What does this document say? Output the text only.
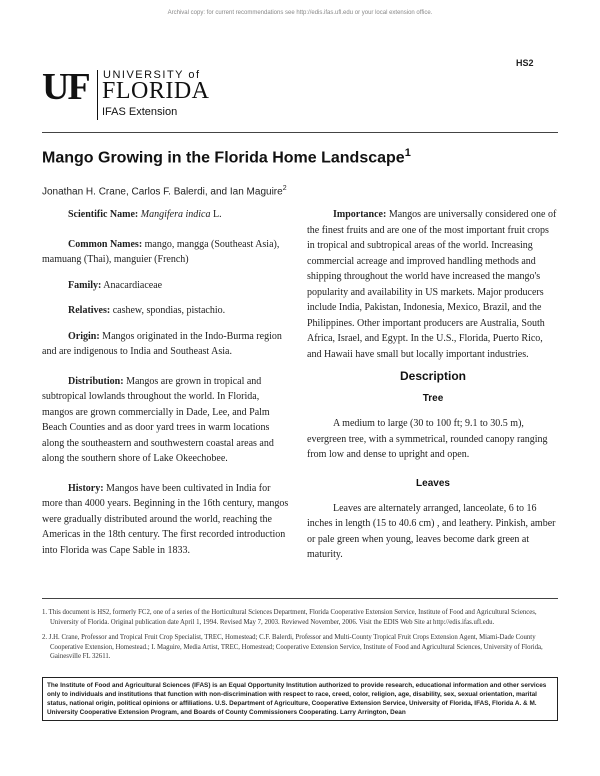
Archival copy: for current recommendations see http://edis.ifas.ufl.edu or your local extension office.
HS2
UF UNIVERSITY of
FLORIDA
IFAS Extension
Mango Growing in the Florida Home Landscape$^1$
Jonathan H. Crane, Carlos F. Balerdi, and Ian Maguire$^2$

Scientific Name: Mangifera indica L.

Common Names: mango, mangga (Southeast Asia), mamuang (Thai), manguier (French)

Family: Anacardiaceae

Relatives: cashew, spondias, pistachio.

Origin: Mangos originated in the Indo-Burma region and are indigenous to India and Southeast Asia.

Distribution: Mangos are grown in tropical and subtropical lowlands throughout the world. In Florida, mangos are grown commercially in Dade, Lee, and Palm Beach Counties and as door yard trees in warm locations along the southeastern and southwestern coastal areas and along the southern shore of Lake Okeechobee.

History: Mangos have been cultivated in India for more than 4000 years. Beginning in the 16th century, mangos were gradually distributed around the world, reaching the Americas in the 18th century. The first recorded introduction into Florida was Cape Sable in 1833.

Importance: Mangos are universally considered one of the finest fruits and are one of the most important fruit crops in tropical and subtropical areas of the world. Increasing commercial acreage and improved handling methods and shipping throughout the world have increased the mango's popularity and availability in US markets. Major producers include India, Pakistan, Indonesia, Mexico, Brazil, and the Philippines. Other important producers are Australia, South Africa, Israel, and Egypt. In the U.S., Florida, Puerto Rico, and Hawaii have small but locally important industries.

Description
Tree

A medium to large (30 to 100 ft; 9.1 to 30.5 m), evergreen tree, with a symmetrical, rounded canopy ranging from low and dense to upright and open.

Leaves

Leaves are alternately arranged, lanceolate, 6 to 16 inches in length (15 to 40.6 cm) , and leathery. Pinkish, amber or pale green when young, leaves become dark green at maturity.

1. This document is HS2, formerly FC2, one of a series of the Horticultural Sciences Department, Florida Cooperative Extension Service, Institute of Food and Agricultural Sciences, University of Florida. Original publication date April 1, 1994. Revised May 7, 2003. Reviewed November, 2006. Visit the EDIS Web Site at http://edis.ifas.ufl.edu.

2. J.H. Crane, Professor and Tropical Fruit Crop Specialist, TREC, Homestead; C.F. Balerdi, Professor and Multi-County Tropical Fruit Crops Extension Agent, Miami-Dade County Cooperative Extension, Homestead.; I. Maguire, Media Artist, TREC, Homestead; Cooperative Extension Service, Institute of Food and Agricultural Sciences, University of Florida, Gainesville FL 32611.

The Institute of Food and Agricultural Sciences (IFAS) is an Equal Opportunity Institution authorized to provide research, educational information and other services only to individuals and institutions that function with non-discrimination with respect to race, creed, color, religion, age, disability, sex, sexual orientation, marital status, national origin, political opinions or affiliations. U.S. Department of Agriculture, Cooperative Extension Service, University of Florida, IFAS, Florida A. & M. University Cooperative Extension Program, and Boards of County Commissioners Cooperating. Larry Arrington, Dean
